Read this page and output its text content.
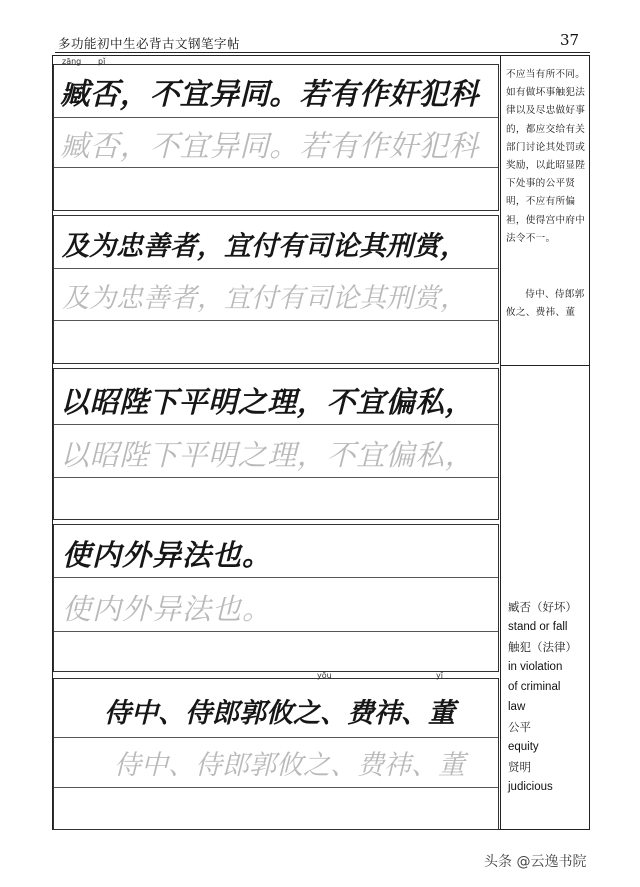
多功能初中生必背古文钢笔字帖	37
zāng pǐ
臧否，不宜异同。若有作奸犯科
臧否，不宜异同。若有作奸犯科
及为忠善者，宜付有司论其刑赏，
及为忠善者，宜付有司论其刑赏，
以昭陛下平明之理，不宜偏私，
以昭陛下平明之理，不宜偏私，
使内外异法也。
使内外异法也。
yōu	yī
侍中、侍郎郭攸之、费祎、董
侍中、侍郎郭攸之、费祎、董

不应当有所不同。如有做坏事触犯法律以及尽忠做好事的，都应交给有关部门讨论其处罚或奖励，以此昭显陛下处事的公平贤明，不应有所偏袒，使得宫中府中法令不一。

侍中、侍郎郭攸之、费祎、董

臧否（好坏）
stand or fall
触犯（法律）
in violation
of criminal
law
公平
equity
贤明
judicious
头条 @云逸书院
